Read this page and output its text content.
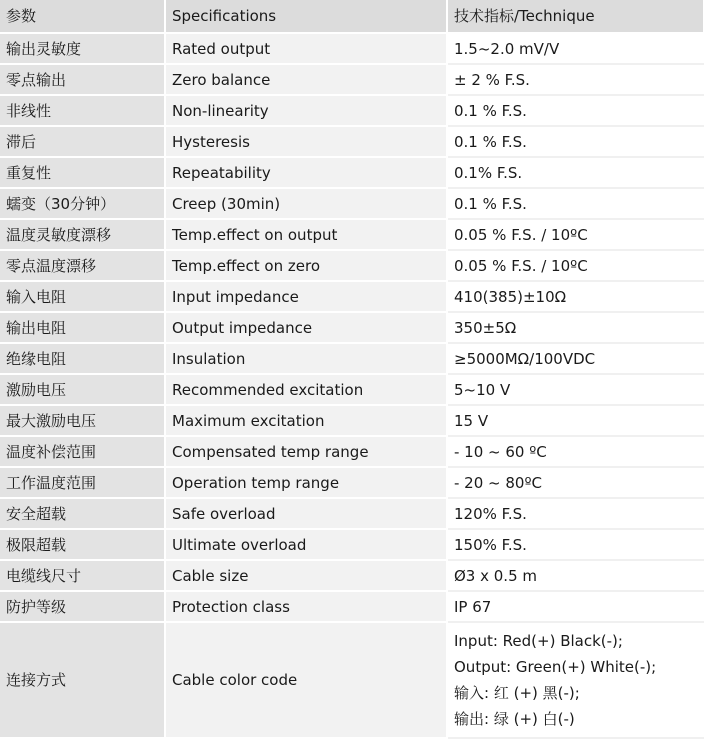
参数	Specifications	技术指标/Technique
输出灵敏度	Rated output	1.5~2.0 mV/V
零点输出	Zero balance	± 2 % F.S.
非线性	Non-linearity	0.1 % F.S.
滞后	Hysteresis	0.1 % F.S.
重复性	Repeatability	0.1% F.S.
蠕变（30分钟）	Creep (30min)	0.1 % F.S.
温度灵敏度漂移	Temp.effect on output	0.05 % F.S. / 10ºC
零点温度漂移	Temp.effect on zero	0.05 % F.S. / 10ºC
输入电阻	Input impedance	410(385)±10Ω
输出电阻	Output impedance	350±5Ω
绝缘电阻	Insulation	≥5000MΩ/100VDC
激励电压	Recommended excitation	5~10 V
最大激励电压	Maximum excitation	15 V
温度补偿范围	Compensated temp range	- 10 ~ 60 ºC
工作温度范围	Operation temp range	- 20 ~ 80ºC
安全超载	Safe overload	120% F.S.
极限超载	Ultimate overload	150% F.S.
电缆线尺寸	Cable size	Ø3 x 0.5 m
防护等级	Protection class	IP 67
连接方式	Cable color code	Input: Red(+) Black(-);
Output: Green(+) White(-);
输入: 红 (+) 黑(-);
输出: 绿 (+) 白(-)
